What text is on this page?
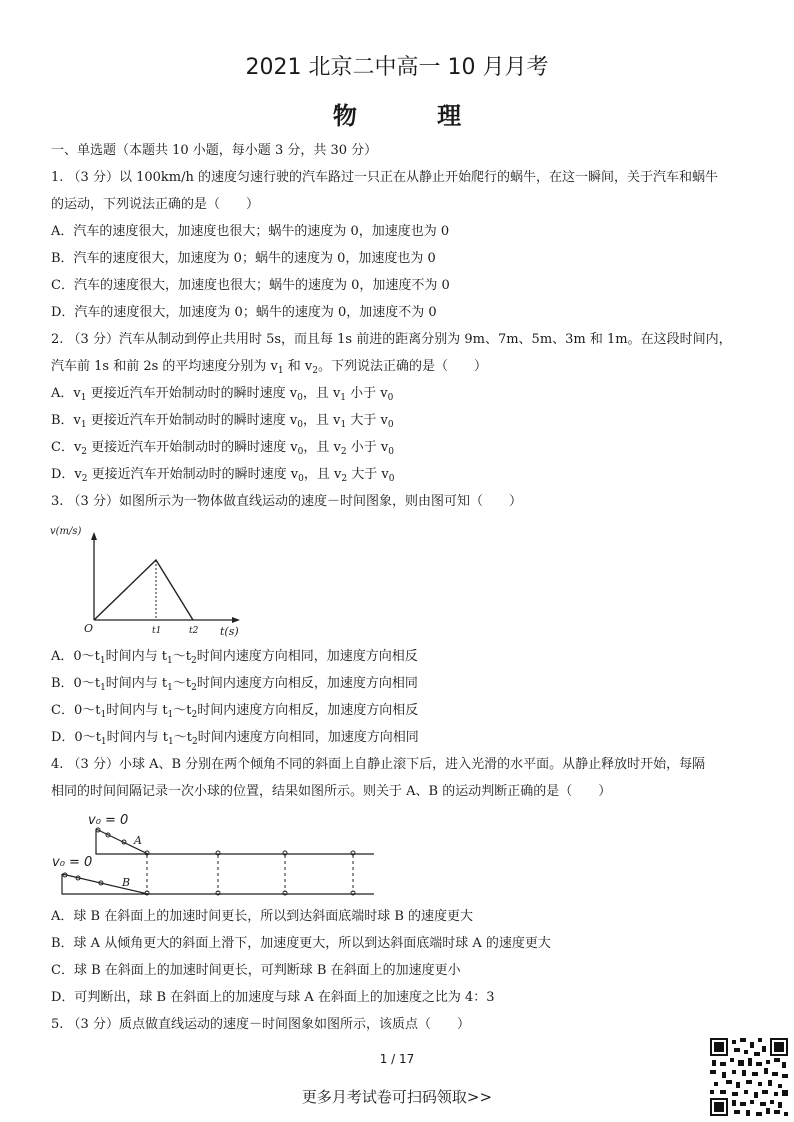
2021 北京二中高一 10 月月考
物 理
一、单选题（本题共 10 小题，每小题 3 分，共 30 分）
1. （3 分）以 100km/h 的速度匀速行驶的汽车路过一只正在从静止开始爬行的蜗牛，在这一瞬间，关于汽车和蜗牛
的运动，下列说法正确的是（　　）
A．汽车的速度很大，加速度也很大；蜗牛的速度为 0，加速度也为 0
B．汽车的速度很大，加速度为 0；蜗牛的速度为 0，加速度也为 0
C．汽车的速度很大，加速度也很大；蜗牛的速度为 0，加速度不为 0
D．汽车的速度很大，加速度为 0；蜗牛的速度为 0，加速度不为 0
2. （3 分）汽车从制动到停止共用时 5s，而且每 1s 前进的距离分别为 9m、7m、5m、3m 和 1m。在这段时间内，
汽车前 1s 和前 2s 的平均速度分别为 $v_1$ 和 $v_2$。下列说法正确的是（　　）
A．$v_1$ 更接近汽车开始制动时的瞬时速度 $v_0$，且 $v_1$ 小于 $v_0$
B．$v_1$ 更接近汽车开始制动时的瞬时速度 $v_0$，且 $v_1$ 大于 $v_0$
C．$v_2$ 更接近汽车开始制动时的瞬时速度 $v_0$，且 $v_2$ 小于 $v_0$
D．$v_2$ 更接近汽车开始制动时的瞬时速度 $v_0$，且 $v_2$ 大于 $v_0$
3. （3 分）如图所示为一物体做直线运动的速度－时间图象，则由图可知（　　）
v(m/s)
O	t1	t2 t(s)
A．$0\sim t_1$时间内与 $t_1\sim t_2$时间内速度方向相同，加速度方向相反
B．$0\sim t_1$时间内与 $t_1\sim t_2$时间内速度方向相反，加速度方向相同
C．$0\sim t_1$时间内与 $t_1\sim t_2$时间内速度方向相反，加速度方向相反
D．$0\sim t_1$时间内与 $t_1\sim t_2$时间内速度方向相同，加速度方向相同
4. （3 分）小球 A、B 分别在两个倾角不同的斜面上自静止滚下后，进入光滑的水平面。从静止释放时开始，每隔
相同的时间间隔记录一次小球的位置，结果如图所示。则关于 A、B 的运动判断正确的是（　　）
v₀ = 0
A
v₀ = 0
B
A．球 B 在斜面上的加速时间更长，所以到达斜面底端时球 B 的速度更大
B．球 A 从倾角更大的斜面上滑下，加速度更大，所以到达斜面底端时球 A 的速度更大
C．球 B 在斜面上的加速时间更长，可判断球 B 在斜面上的加速度更小
D．可判断出，球 B 在斜面上的加速度与球 A 在斜面上的加速度之比为 4：3
5. （3 分）质点做直线运动的速度－时间图象如图所示，该质点（　　）
1 / 17
更多月考试卷可扫码领取>>
